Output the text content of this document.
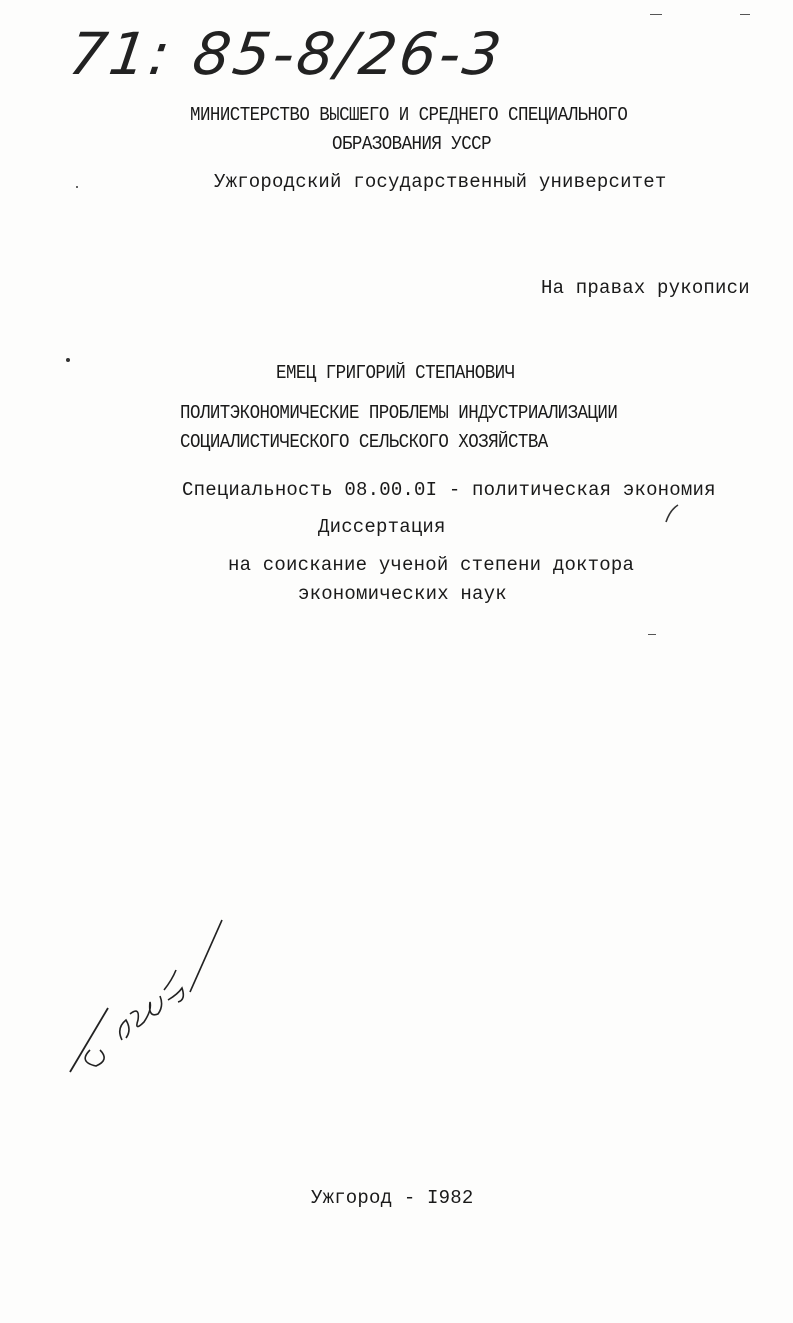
71: 85-8/26-3
МИНИСТЕРСТВО ВЫСШЕГО И СРЕДНЕГО СПЕЦИАЛЬНОГО
ОБРАЗОВАНИЯ УССР
Ужгородский государственный университет
На правах рукописи
ЕМЕЦ ГРИГОРИЙ СТЕПАНОВИЧ
ПОЛИТЭКОНОМИЧЕСКИЕ ПРОБЛЕМЫ ИНДУСТРИАЛИЗАЦИИ
СОЦИАЛИСТИЧЕСКОГО СЕЛЬСКОГО ХОЗЯЙСТВА
Специальность 08.00.0I - политическая экономия
Диссертация
на соискание ученой степени доктора
экономических наук
Ужгород - I982
